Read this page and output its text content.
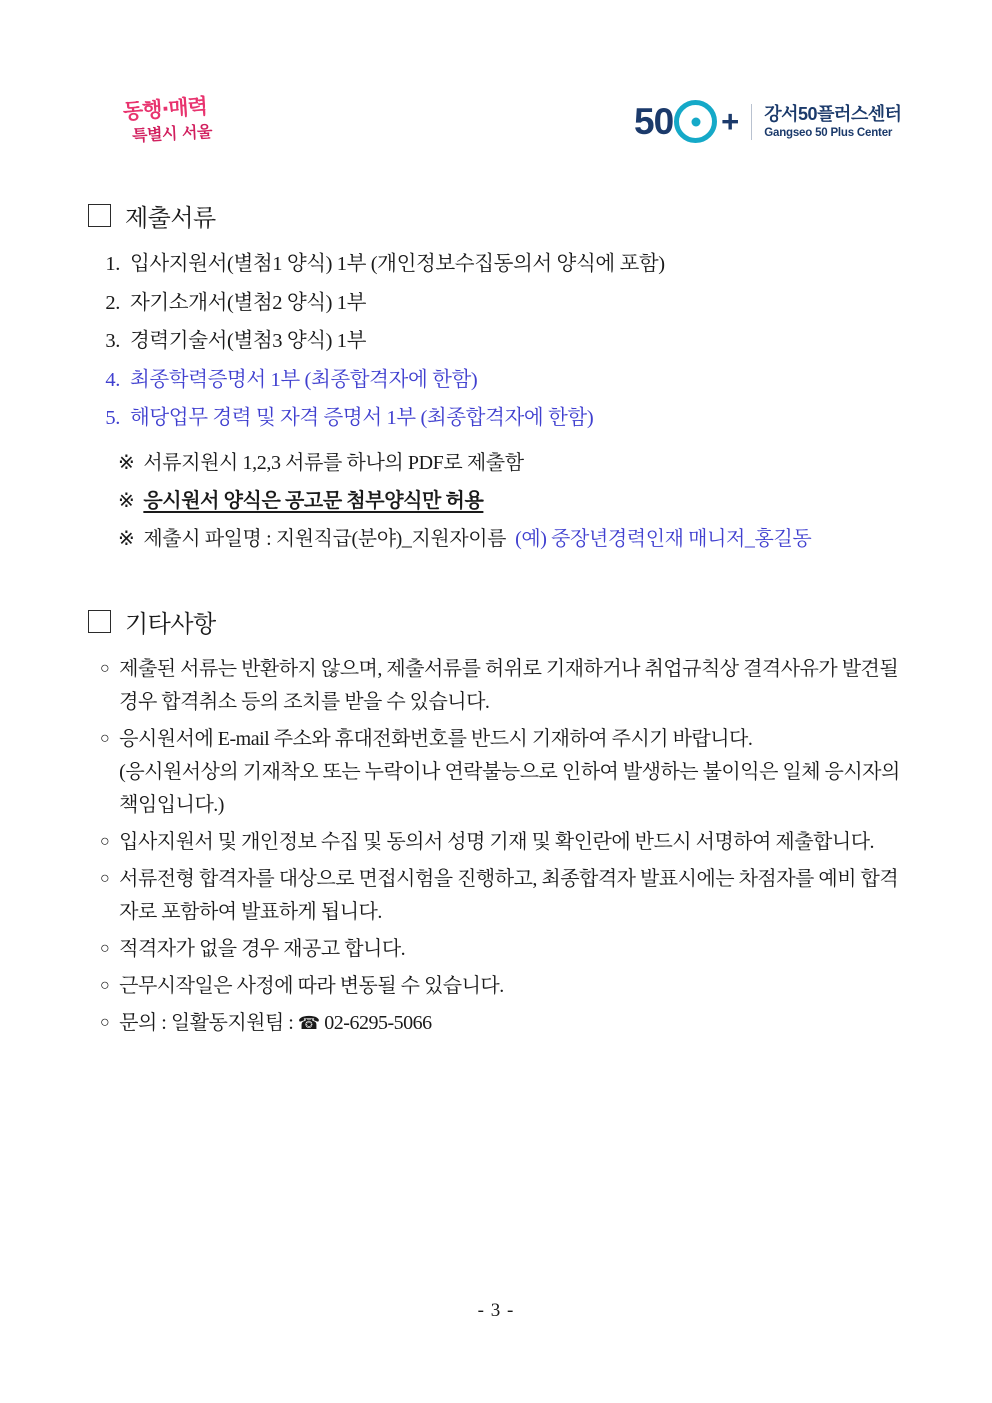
동행·매력
특별시 서울	50 + 강서50플러스센터
Gangseo 50 Plus Center
제출서류
1. 입사지원서(별첨1 양식) 1부 (개인정보수집동의서 양식에 포함)
2. 자기소개서(별첨2 양식) 1부
3. 경력기술서(별첨3 양식) 1부
4. 최종학력증명서 1부 (최종합격자에 한함)
5. 해당업무 경력 및 자격 증명서 1부 (최종합격자에 한함)
※ 서류지원시 1,2,3 서류를 하나의 PDF로 제출함
※ 응시원서 양식은 공고문 첨부양식만 허용
※ 제출시 파일명 : 지원직급(분야)_지원자이름 (예) 중장년경력인재 매니저_홍길동
기타사항
○ 제출된 서류는 반환하지 않으며, 제출서류를 허위로 기재하거나 취업규칙상 결격사유가 발견될 경우 합격취소 등의 조치를 받을 수 있습니다.
○ 응시원서에 E-mail 주소와 휴대전화번호를 반드시 기재하여 주시기 바랍니다.
(응시원서상의 기재착오 또는 누락이나 연락불능으로 인하여 발생하는 불이익은 일체 응시자의 책임입니다.)
○ 입사지원서 및 개인정보 수집 및 동의서 성명 기재 및 확인란에 반드시 서명하여 제출합니다.
○ 서류전형 합격자를 대상으로 면접시험을 진행하고, 최종합격자 발표시에는 차점자를 예비 합격자로 포함하여 발표하게 됩니다.
○ 적격자가 없을 경우 재공고 합니다.
○ 근무시작일은 사정에 따라 변동될 수 있습니다.
○ 문의 : 일활동지원팀 : ☎ 02-6295-5066
- 3 -
